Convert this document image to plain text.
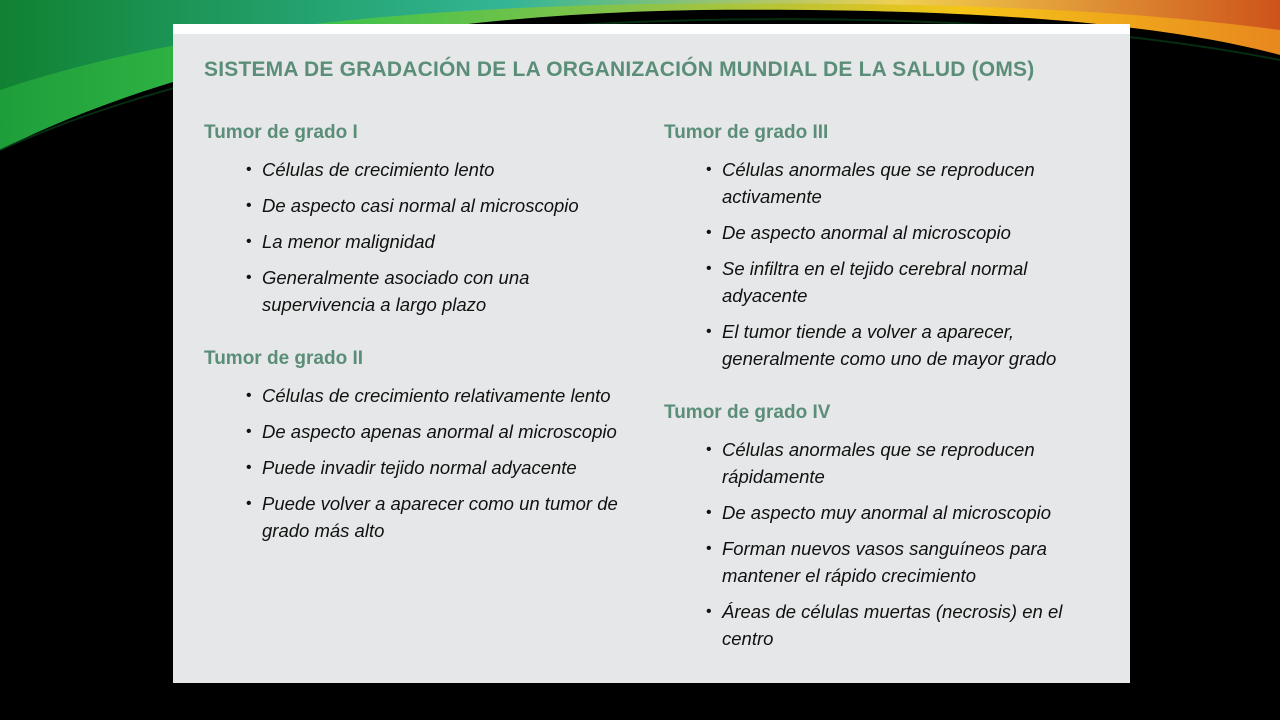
SISTEMA DE GRADACIÓN DE LA ORGANIZACIÓN MUNDIAL DE LA SALUD (OMS)
Tumor de grado I
• Células de crecimiento lento
• De aspecto casi normal al microscopio
• La menor malignidad
• Generalmente asociado con una supervivencia a largo plazo
Tumor de grado II
• Células de crecimiento relativamente lento
• De aspecto apenas anormal al microscopio
• Puede invadir tejido normal adyacente
• Puede volver a aparecer como un tumor de grado más alto
Tumor de grado III
• Células anormales que se reproducen activamente
• De aspecto anormal al microscopio
• Se infiltra en el tejido cerebral normal adyacente
• El tumor tiende a volver a aparecer, generalmente como uno de mayor grado
Tumor de grado IV
• Células anormales que se reproducen rápidamente
• De aspecto muy anormal al microscopio
• Forman nuevos vasos sanguíneos para mantener el rápido crecimiento
• Áreas de células muertas (necrosis) en el centro
